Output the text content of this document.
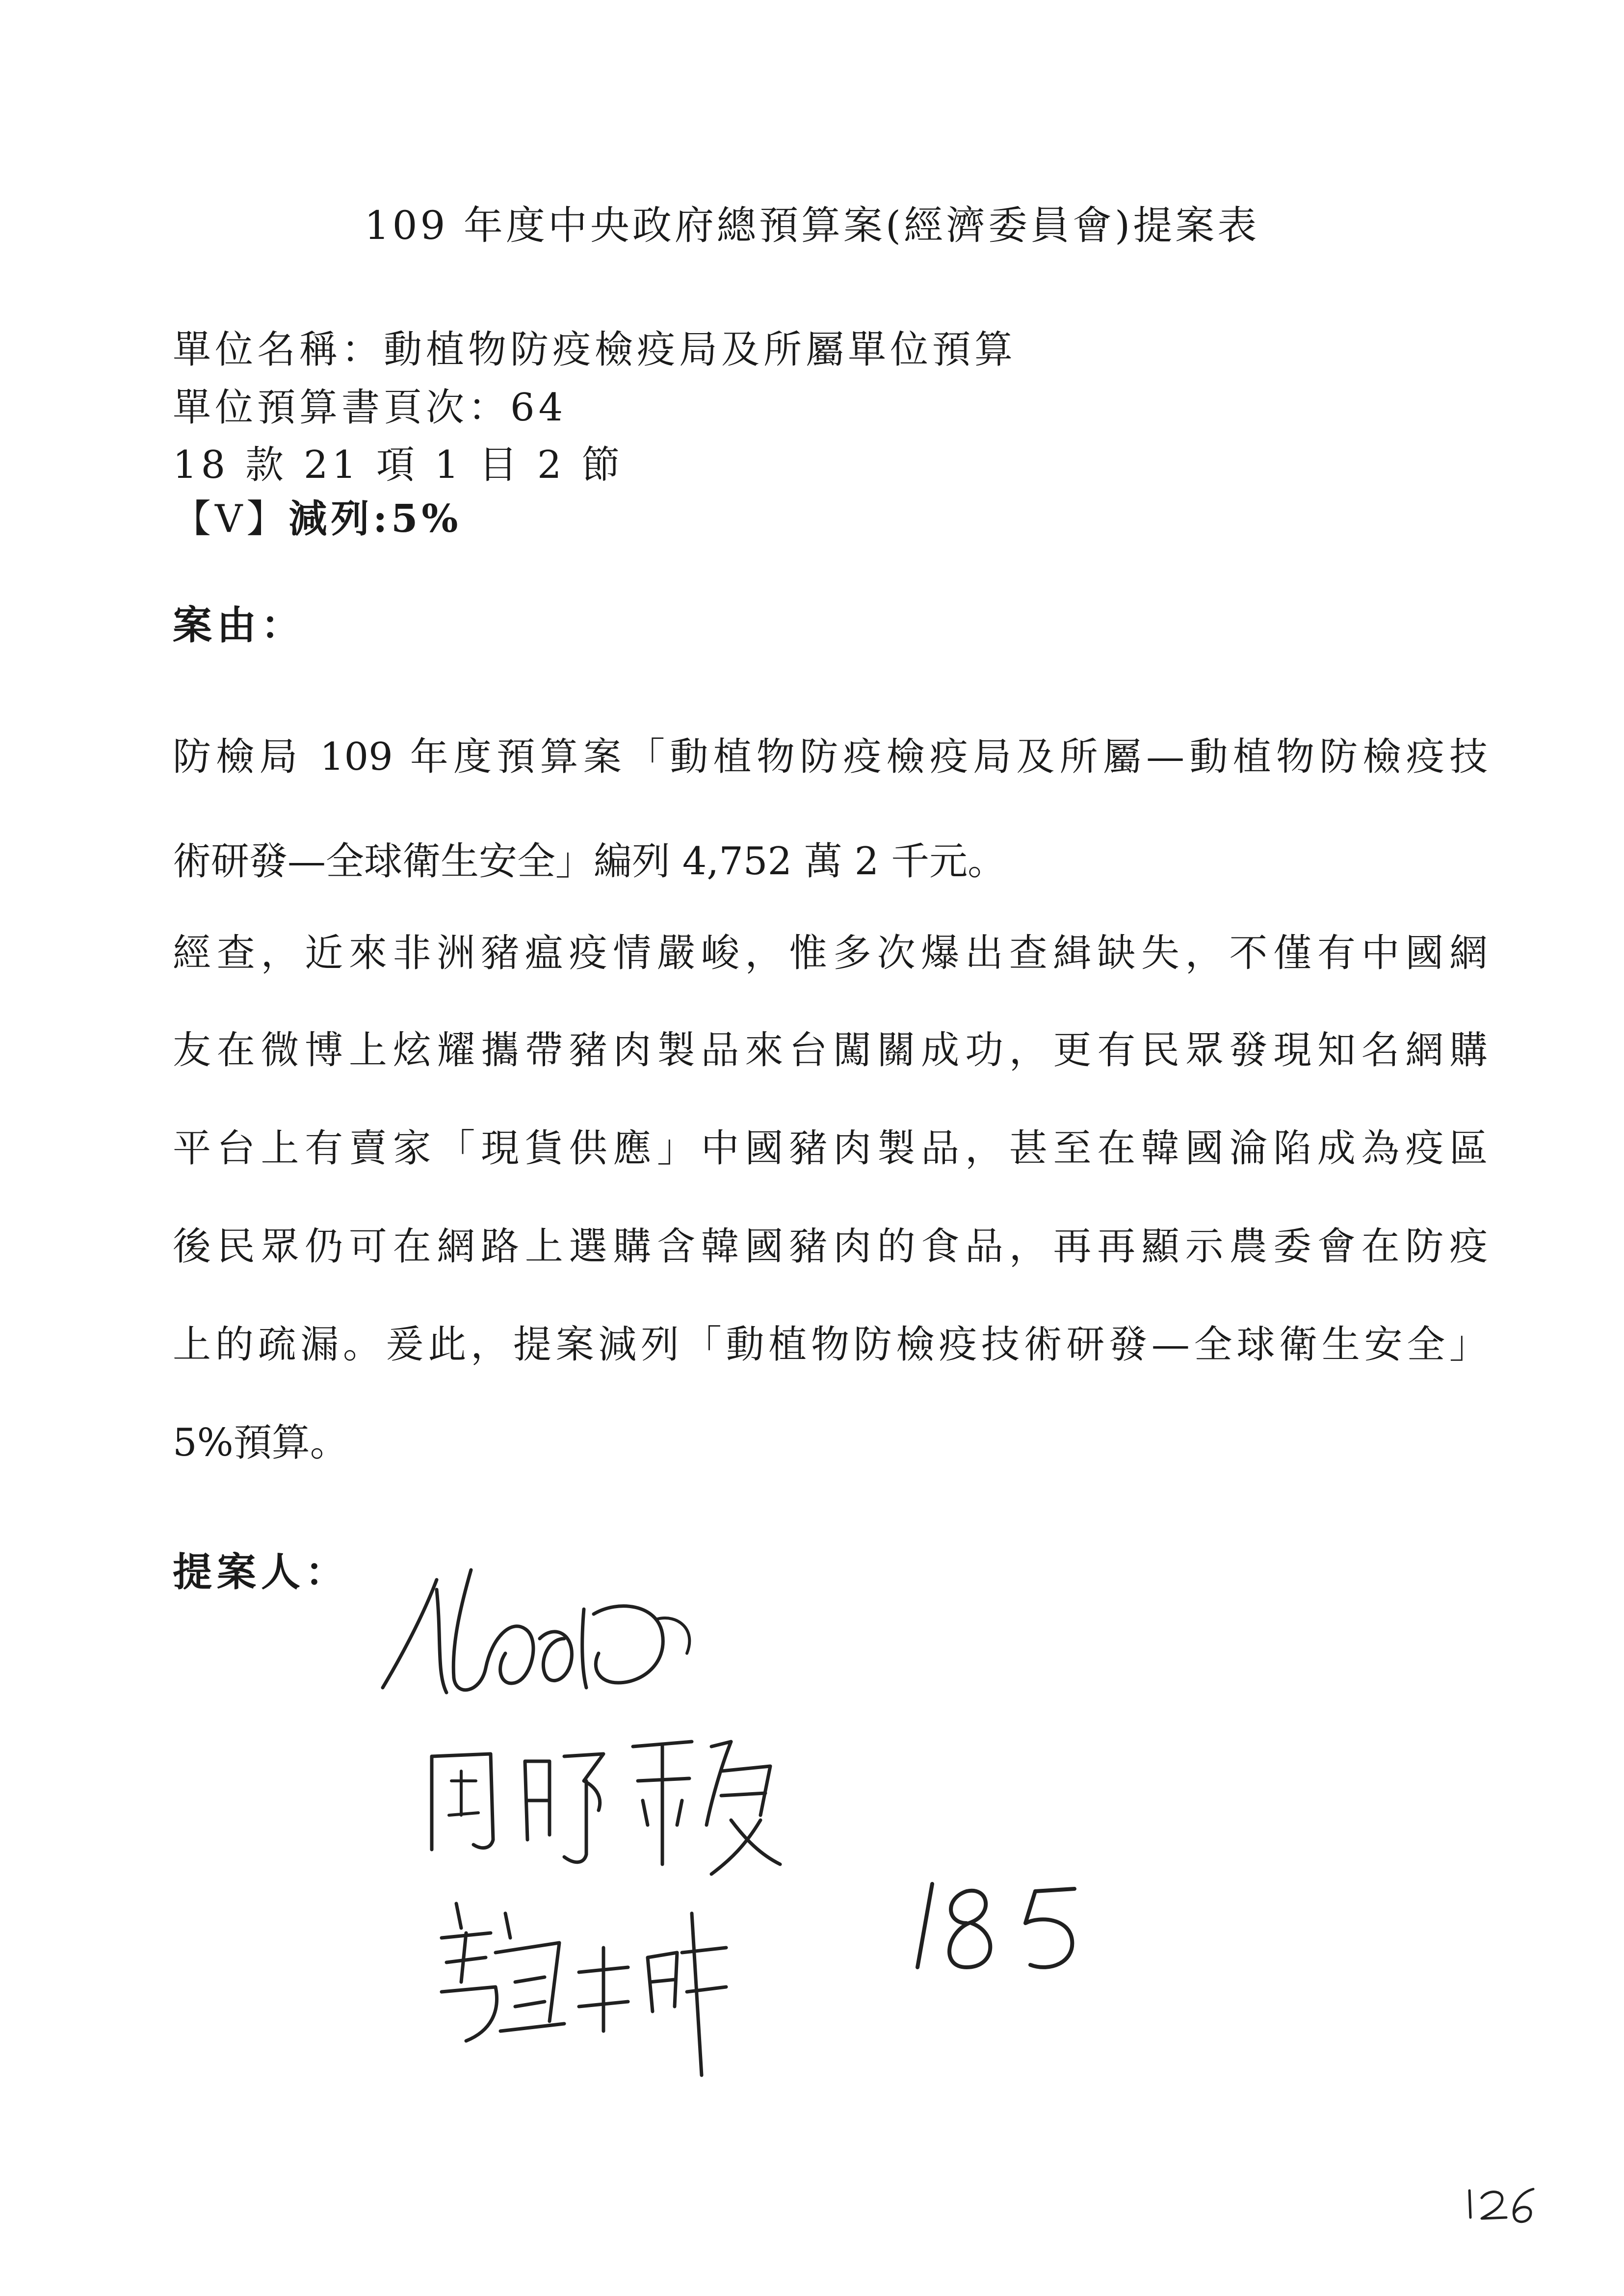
109 年度中央政府總預算案(經濟委員會)提案表
單位名稱：動植物防疫檢疫局及所屬單位預算
單位預算書頁次：64
18 款 21 項 1 目 2 節
【V】減列:5%
案由：
防檢局 109 年度預算案「動植物防疫檢疫局及所屬—動植物防檢疫技
術研發—全球衛生安全」編列 4,752 萬 2 千元。
經查，近來非洲豬瘟疫情嚴峻，惟多次爆出查緝缺失，不僅有中國網
友在微博上炫耀攜帶豬肉製品來台闖關成功，更有民眾發現知名網購
平台上有賣家「現貨供應」中國豬肉製品，甚至在韓國淪陷成為疫區
後民眾仍可在網路上選購含韓國豬肉的食品，再再顯示農委會在防疫
上的疏漏。爰此，提案減列「動植物防檢疫技術研發—全球衛生安全」
5%預算。
提案人：
